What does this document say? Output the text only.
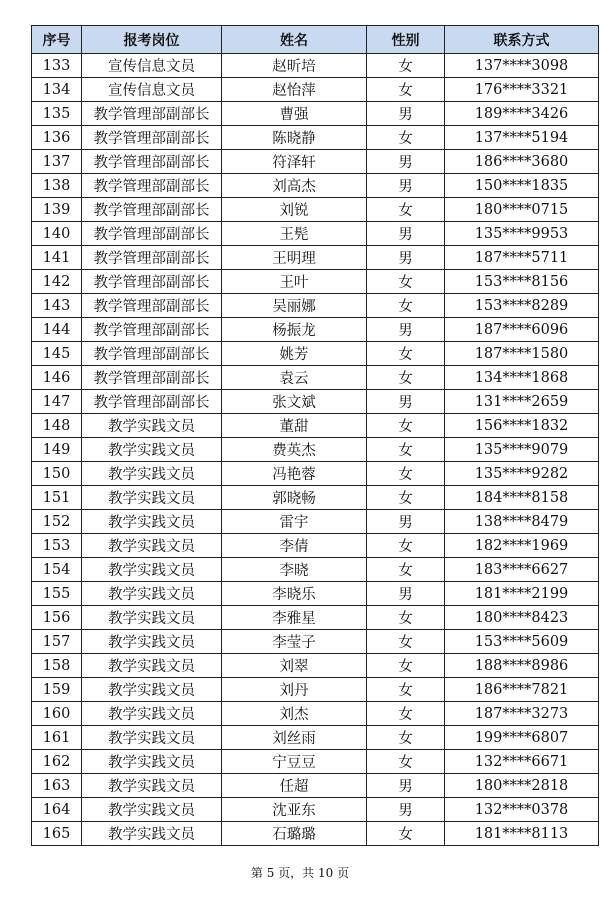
序号	报考岗位	姓名	性别	联系方式
133	宣传信息文员	赵昕培	女	137****3098
134	宣传信息文员	赵怡萍	女	176****3321
135	教学管理部副部长	曹强	男	189****3426
136	教学管理部副部长	陈晓静	女	137****5194
137	教学管理部副部长	符泽轩	男	186****3680
138	教学管理部副部长	刘高杰	男	150****1835
139	教学管理部副部长	刘锐	女	180****0715
140	教学管理部副部长	王髡	男	135****9953
141	教学管理部副部长	王明理	男	187****5711
142	教学管理部副部长	王叶	女	153****8156
143	教学管理部副部长	吴丽娜	女	153****8289
144	教学管理部副部长	杨振龙	男	187****6096
145	教学管理部副部长	姚芳	女	187****1580
146	教学管理部副部长	袁云	女	134****1868
147	教学管理部副部长	张文斌	男	131****2659
148	教学实践文员	董甜	女	156****1832
149	教学实践文员	费英杰	女	135****9079
150	教学实践文员	冯艳蓉	女	135****9282
151	教学实践文员	郭晓畅	女	184****8158
152	教学实践文员	雷宇	男	138****8479
153	教学实践文员	李倩	女	182****1969
154	教学实践文员	李晓	女	183****6627
155	教学实践文员	李晓乐	男	181****2199
156	教学实践文员	李雅星	女	180****8423
157	教学实践文员	李莹子	女	153****5609
158	教学实践文员	刘翠	女	188****8986
159	教学实践文员	刘丹	女	186****7821
160	教学实践文员	刘杰	女	187****3273
161	教学实践文员	刘丝雨	女	199****6807
162	教学实践文员	宁豆豆	女	132****6671
163	教学实践文员	任超	男	180****2818
164	教学实践文员	沈亚东	男	132****0378
165	教学实践文员	石璐璐	女	181****8113
第 5 页，共 10 页
